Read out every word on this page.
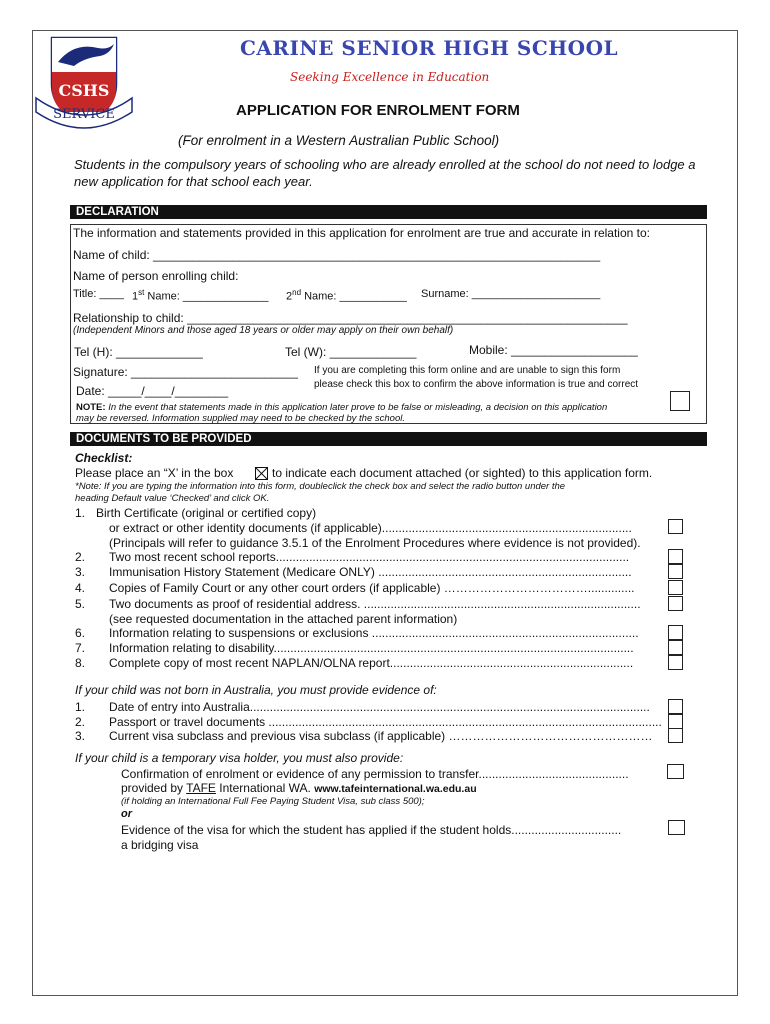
CSHS
SERVICE
CARINE SENIOR HIGH SCHOOL
Seeking Excellence in Education
APPLICATION FOR ENROLMENT FORM
(For enrolment in a Western Australian Public School)
Students in the compulsory years of schooling who are already enrolled at the school do not need to lodge a new application for that school each year.
DECLARATION
The information and statements provided in this application for enrolment are true and accurate in relation to:
Name of child: ___________________________________________________________________
Name of person enrolling child:
Title: ____ 1st Name: ______________ 2nd Name: ___________ Surname: _____________________
Relationship to child: __________________________________________________________________
(Independent Minors and those aged 18 years or older may apply on their own behalf)
Tel (H): _____________	Tel (W): _____________	Mobile: ___________________
Signature: _________________________
Date: _____/____/________
If you are completing this form online and are unable to sign this form
please check this box to confirm the above information is true and correct
NOTE: In the event that statements made in this application later prove to be false or misleading, a decision on this application
may be reversed. Information supplied may need to be checked by the school.
DOCUMENTS TO BE PROVIDED
Checklist:
Please place an “X’ in the box	to indicate each document attached (or sighted) to this application form.
*Note: If you are typing the information into this form, doubleclick the check box and select the radio button under the
heading Default value ‘Checked’ and click OK.
1. Birth Certificate (original or certified copy)
or extract or other identity documents (if applicable)...........................................................................
(Principals will refer to guidance 3.5.1 of the Enrolment Procedures where evidence is not provided).
2. Two most recent school reports..........................................................................................................
3. Immunisation History Statement (Medicare ONLY) ............................................................................
4. Copies of Family Court or any other court orders (if applicable) ………………………………..............
5. Two documents as proof of residential address. ...................................................................................
(see requested documentation in the attached parent information)
6. Information relating to suspensions or exclusions ................................................................................
7. Information relating to disability............................................................................................................
8. Complete copy of most recent NAPLAN/OLNA report.........................................................................
If your child was not born in Australia, you must provide evidence of:
1. Date of entry into Australia........................................................................................................................
2. Passport or travel documents ......................................................................................................................
3. Current visa subclass and previous visa subclass (if applicable) ……………………………………………
If your child is a temporary visa holder, you must also provide:
Confirmation of enrolment or evidence of any permission to transfer.............................................
provided by TAFE International WA. www.tafeinternational.wa.edu.au
(if holding an International Full Fee Paying Student Visa, sub class 500);
or
Evidence of the visa for which the student has applied if the student holds.................................
a bridging visa
